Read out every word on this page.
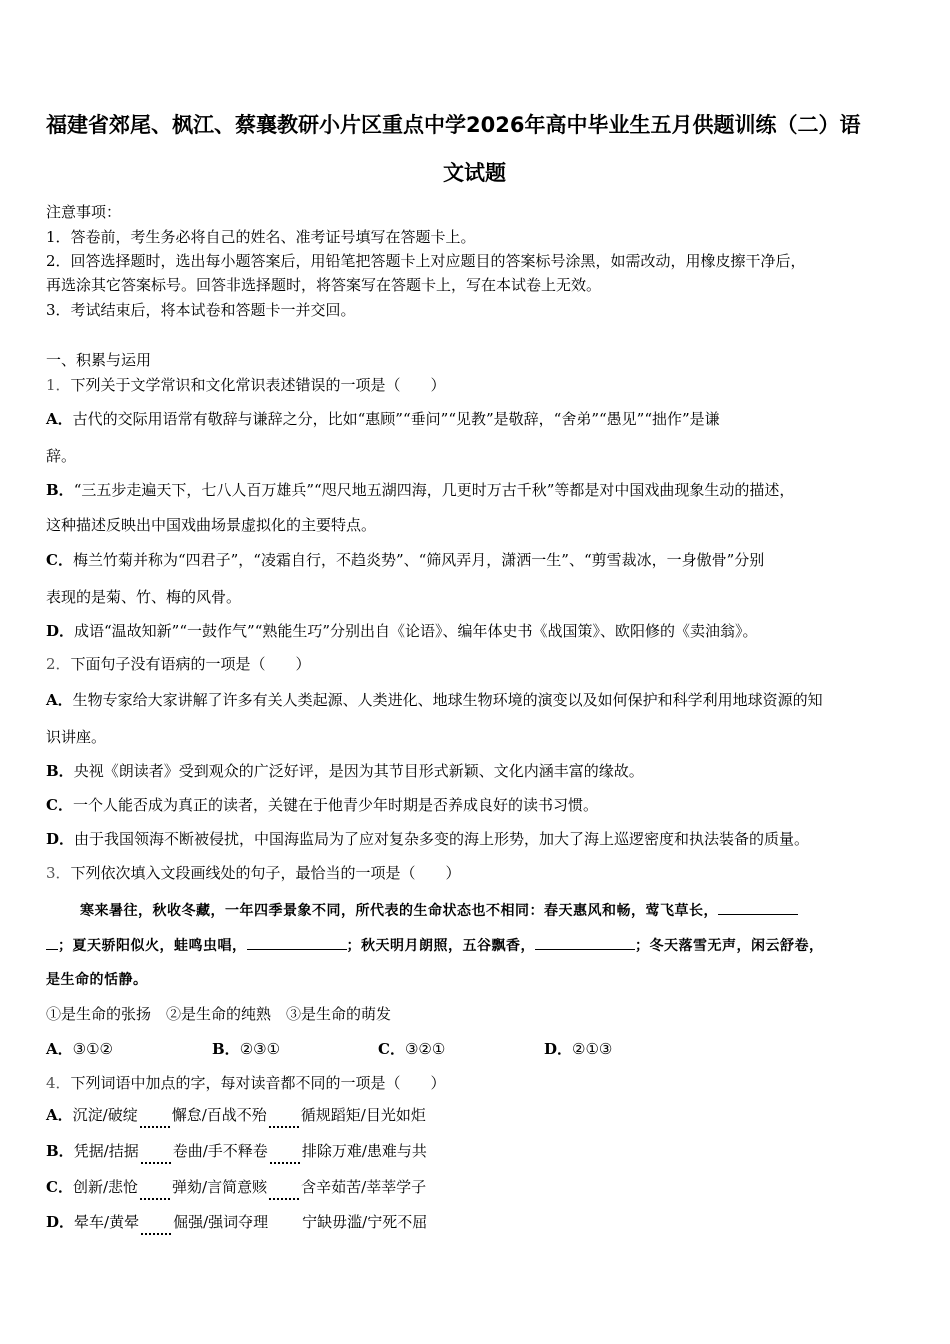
福建省郊尾、枫江、蔡襄教研小片区重点中学2026年高中毕业生五月供题训练（二）语
文试题
注意事项：
1．答卷前，考生务必将自己的姓名、准考证号填写在答题卡上。
2．回答选择题时，选出每小题答案后，用铅笔把答题卡上对应题目的答案标号涂黑，如需改动，用橡皮擦干净后，
再选涂其它答案标号。回答非选择题时，将答案写在答题卡上，写在本试卷上无效。
3．考试结束后，将本试卷和答题卡一并交回。
一、积累与运用
1．下列关于文学常识和文化常识表述错误的一项是（　　）
A．古代的交际用语常有敬辞与谦辞之分，比如“惠顾”“垂问”“见教”是敬辞，“舍弟”“愚见”“拙作”是谦
辞。
B．“三五步走遍天下，七八人百万雄兵”“咫尺地五湖四海，几更时万古千秋”等都是对中国戏曲现象生动的描述，
这种描述反映出中国戏曲场景虚拟化的主要特点。
C．梅兰竹菊并称为“四君子”，“凌霜自行，不趋炎势”、“筛风弄月，潇洒一生”、“剪雪裁冰，一身傲骨”分别
表现的是菊、竹、梅的风骨。
D．成语“温故知新”“一鼓作气”“熟能生巧”分别出自《论语》、编年体史书《战国策》、欧阳修的《卖油翁》。
2．下面句子没有语病的一项是（　　）
A．生物专家给大家讲解了许多有关人类起源、人类进化、地球生物环境的演变以及如何保护和科学利用地球资源的知
识讲座。
B．央视《朗读者》受到观众的广泛好评，是因为其节目形式新颖、文化内涵丰富的缘故。
C．一个人能否成为真正的读者，关键在于他青少年时期是否养成良好的读书习惯。
D．由于我国领海不断被侵扰，中国海监局为了应对复杂多变的海上形势，加大了海上巡逻密度和执法装备的质量。
3．下列依次填入文段画线处的句子，最恰当的一项是（　　）
寒来暑往，秋收冬藏，一年四季景象不同，所代表的生命状态也不相同：春天惠风和畅，莺飞草长，
；夏天骄阳似火，蛙鸣虫唱，	；秋天明月朗照，五谷飘香，	；冬天落雪无声，闲云舒卷，
是生命的恬静。
①是生命的张扬　②是生命的纯熟　③是生命的萌发
A．③①②	B．②③①	C．③②①	D．②①③
4．下列词语中加点的字，每对读音都不同的一项是（　　）
A．沉淀/破绽 懈怠/百战不殆 循规蹈矩/目光如炬
B．凭据/拮据 卷曲/手不释卷 排除万难/患难与共
C．创新/悲怆 弹劾/言简意赅 含辛茹苦/莘莘学子
D．晕车/黄晕 倔强/强词夺理 宁缺毋滥/宁死不屈
